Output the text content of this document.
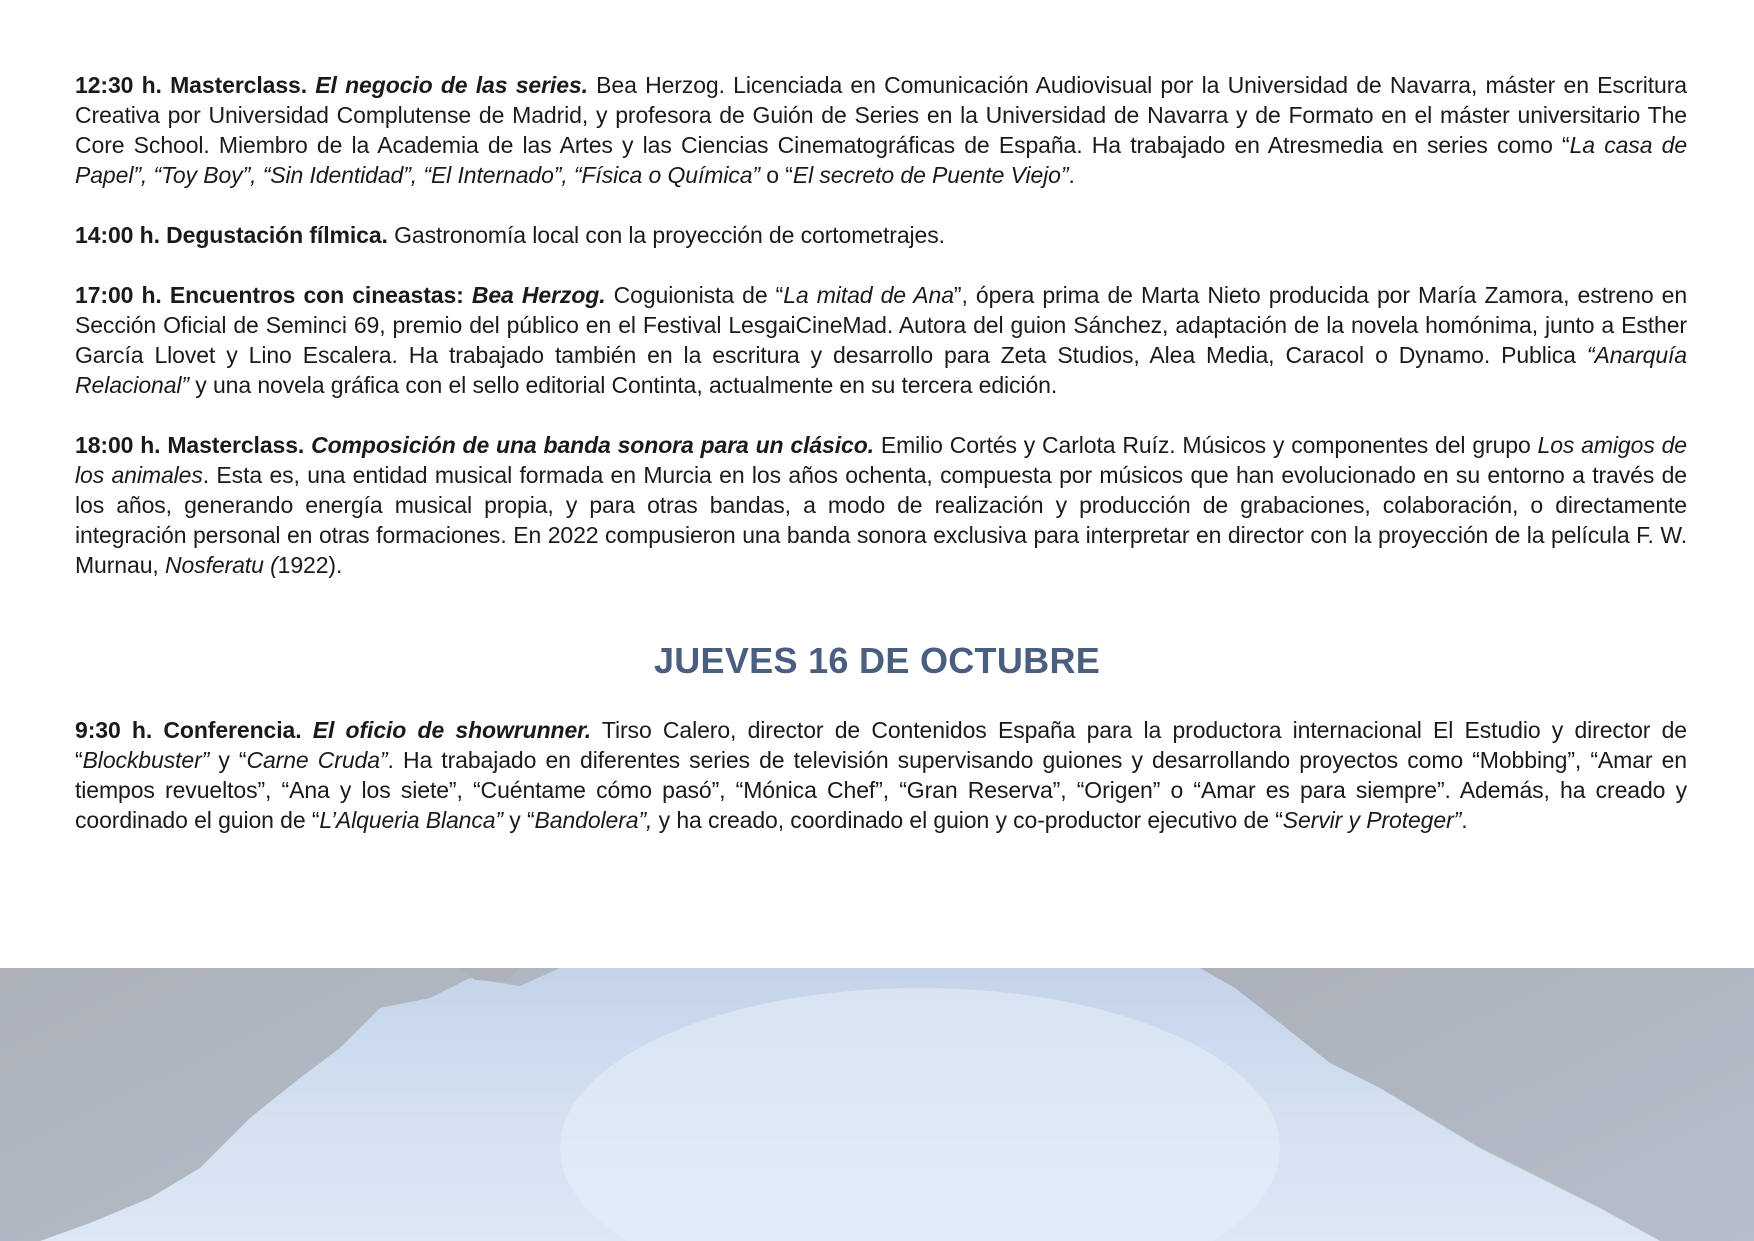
12:30 h. Masterclass. El negocio de las series. Bea Herzog. Licenciada en Comunicación Audiovisual por la Universidad de Navarra, máster en Escritura Creativa por Universidad Complutense de Madrid, y profesora de Guión de Series en la Universidad de Navarra y de Formato en el máster universitario The Core School. Miembro de la Academia de las Artes y las Ciencias Cinematográficas de España. Ha trabajado en Atresmedia en series como “La casa de Papel”, “Toy Boy”, “Sin Identidad”, “El Internado”, “Física o Química” o “El secreto de Puente Viejo”.

14:00 h. Degustación fílmica. Gastronomía local con la proyección de cortometrajes.

17:00 h. Encuentros con cineastas: Bea Herzog. Coguionista de “La mitad de Ana”, ópera prima de Marta Nieto producida por María Zamora, estreno en Sección Oficial de Seminci 69, premio del público en el Festival LesgaiCineMad. Autora del guion Sánchez, adaptación de la novela homónima, junto a Esther García Llovet y Lino Escalera. Ha trabajado también en la escritura y desarrollo para Zeta Studios, Alea Media, Caracol o Dynamo. Publica “Anarquía Relacional” y una novela gráfica con el sello editorial Continta, actualmente en su tercera edición.

18:00 h. Masterclass. Composición de una banda sonora para un clásico. Emilio Cortés y Carlota Ruíz. Músicos y componentes del grupo Los amigos de los animales. Esta es, una entidad musical formada en Murcia en los años ochenta, compuesta por músicos que han evolucionado en su entorno a través de los años, generando energía musical propia, y para otras bandas, a modo de realización y producción de grabaciones, colaboración, o directamente integración personal en otras formaciones. En 2022 compusieron una banda sonora exclusiva para interpretar en director con la proyección de la película F. W. Murnau, Nosferatu (1922).

JUEVES 16 DE OCTUBRE

9:30 h. Conferencia. El oficio de showrunner. Tirso Calero, director de Contenidos España para la productora internacional El Estudio y director de “Blockbuster” y “Carne Cruda”. Ha trabajado en diferentes series de televisión supervisando guiones y desarrollando proyectos como “Mobbing”, “Amar en tiempos revueltos”, “Ana y los siete”, “Cuéntame cómo pasó”, “Mónica Chef”, “Gran Reserva”, “Origen” o “Amar es para siempre”. Además, ha creado y coordinado el guion de “L’Alqueria Blanca” y “Bandolera”, y ha creado, coordinado el guion y co-productor ejecutivo de “Servir y Proteger”.
